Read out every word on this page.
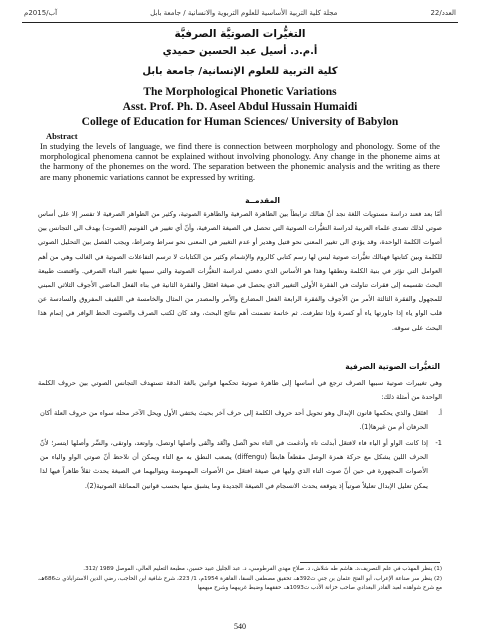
العدد/22
مجلة كلية التربية الأساسية للعلوم التربوية والانسانية / جامعة بابل
آب/2015م
التغيُّرات الصوتيَّة الصرفيَّة
أ.م.د. أسيل عبد الحسين حميدي
كلية التربية للعلوم الإنسانية/ جامعة بابل
The Morphological Phonetic Variations
Asst. Prof. Ph. D. Aseel Abdul Hussain Humaidi
College of Education for Human Sciences/ University of Babylon
Abstract
In studying the levels of language, we find there is connection between morphology and phonology. Some of the morphological phenomena cannot be explained without involving phonology. Any change in the phoneme aims at the harmony of the phonemes on the word. The separation between the phonemic analysis and the writing as there are many phonemic variations cannot be expressed by writing.
المقدمــة
أمّا بعد فعند دراسة مستويات اللغة نجد أنّ هنالك ترابطاً بين الظاهرة الصرفية والظاهرة الصوتية، وكثير من الظواهر الصرفية لا تفسر إلا على أساس صوتي لذلك تصدى علماء العربية لدراسة التغيُّرات الصوتية التي تحصل في الصيغة الصرفية، وأنّ أي تغيير في الفونيم (الصوت) يهدف الى التجانس بين أصوات الكلمة الواحدة، وقد يؤدي الى تغيير المعنى نحو قتيل وهدير أو عدم التغيير في المعنى نحو سراط وصراط، ويجب الفصل بين التحليل الصوتي للكلمة وبين كتابتها فهنالك تغيُّرات صوتية ليس لها رسم كتابي كالروم والإشمام وكثير من الكتابات لا ترسم التفاعلات الصوتية في الغالب وهي من أهم العوامل التي تؤثر في بنية الكلمة ونطقها وهذا هو الأساس الذي دفعني لدراسة التغيُّرات الصوتية والتي سببها تغيير البناء الصرفي. واقتضت طبيعة البحث تقسيمه إلى فقرات تناولت في الفقرة الأولى التغيير الذي يحصل في صيغة افتَعَل والفقرة الثانية في بناء الفعل الماضي الأجوف الثلاثي المبني للمجهول والفقرة الثالثة الأمر من الأجوف والفقرة الرابعة الفعل المضارع والأمر والمصدر من المثال والخامسة في اللفيف المفروق والسادسة عن قلب الواو ياء إذا جاورتها ياء أو كسرة وإذا تطرفت. ثم خاتمة تضمنت أهم نتائج البحث، وقد كان لكتب الصرف والصوت الحظ الوافر في إتمام هذا البحث على سوقه.
التغيُّرات الصوتية الصرفية
وهي تغييرات صوتية سببها الصرف ترجع في أساسها إلى ظاهرة صوتية تحكمها قوانين بالغة الدقة تستهدف التجانس الصوتي بين حروف الكلمة الواحدة من أمثلة ذلك:
أ.
افتَعَل والذي يحكمها قانون الإبدال وهو تحويل أحد حروف الكلمة إلى حرف آخر بحيث يختفي الأول ويحل الآخر محله سواء من حروف العلة أكان الحرفان أم من غيرها(1).
1-
إذا كانت الواو أو الياء فاء لافتعَل أبدلت تاء وأدغمت في التاء نحو اتَّصل واتَّعَد واتَّقى وأصلها اوتصل، واوتعد، واوتقى، والسِّر وأصلها ايتسر؛ لأنّ الحرف اللين يشكل مع حركة همزة الوصل مقطعاً هابطاً (diffengu) يصعب النطق به مع التاء ويمكن أن نلاحظ أنّ صوتي الواو والياء من الأصوات المجهورة في حين أنّ صوت التاء الذي وليها في صيغة افتعَل من الأصوات المهموسة ويتواليهما في الصيغة يحدث ثقلاً ظاهراً فيها لذا يمكن تعليل الإبدال تعليلاً صوتياً إذ يتوقعه يحدث الانسجام في الصيغة الجديدة وما يشبق منها بحسب قوانين المماثلة الصوتية(2).

(1) ينظر المهذب في علم التصريف،د. هاشم طه شلاش، د. صلاح مهدي الفرطوسي، د. عبد الجليل عبيد حسين، مطبعة التعليم العالي، الموصل 1989 /312.

(2) ينظر سر صناعة الإعراب، أبو الفتح عثمان بن جني ت392هـ، تحقيق مصطفى السقا، القاهرة 1954م، 1/ 223، شرح شافية ابن الحاجب، رضي الدين الاستراباذي ت686هـ، مع شرح شواهده لعبد القادر البغدادي صاحب خزانة الأدب ت1093هـ، حققهما وضبط غريبهما وشرح مبهمها

540
